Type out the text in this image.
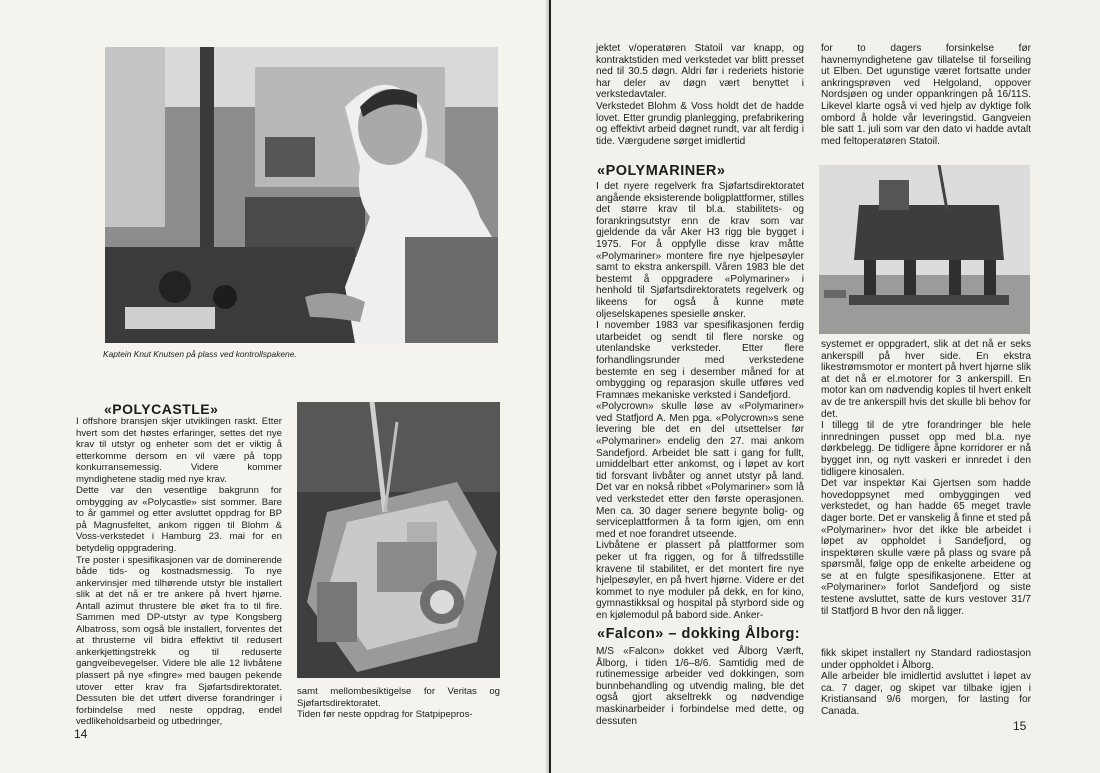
Kaptein Knut Knutsen på plass ved kontrollspakene.
«POLYCASTLE»
I offshore bransjen skjer utviklingen raskt. Etter hvert som det høstes erfaringer, settes det nye krav til utstyr og enheter som det er viktig å etterkomme dersom en vil være på topp konkurransemessig. Videre kommer myndighetene stadig med nye krav.
Dette var den vesentlige bakgrunn for ombygging av «Polycastle» sist sommer. Bare to år gammel og etter avsluttet oppdrag for BP på Magnusfeltet, ankom riggen til Blohm & Voss-verkstedet i Hamburg 23. mai for en betydelig oppgradering.
Tre poster i spesifikasjonen var de dominerende både tids- og kostnadsmessig. To nye ankervinsjer med tilhørende utstyr ble installert slik at det nå er tre ankere på hvert hjørne. Antall azimut thrustere ble øket fra to til fire. Sammen med DP-utstyr av type Kongsberg Albatross, som også ble installert, forventes det at thrusterne vil bidra effektivt til redusert ankerkjettingstrekk og til reduserte gangveibevegelser. Videre ble alle 12 livbåtene plassert på nye «fingre» med baugen pekende utover etter krav fra Sjøfartsdirektoratet. Dessuten ble det utført diverse forandringer i forbindelse med neste oppdrag, endel vedlikeholdsarbeid og utbedringer,
samt mellombesiktigelse for Veritas og Sjøfartsdirektoratet.
Tiden før neste oppdrag for Statpipepros-
14
jektet v/operatøren Statoil var knapp, og kontraktstiden med verkstedet var blitt presset ned til 30.5 døgn. Aldri før i rederiets historie har deler av døgn vært benyttet i verkstedavtaler.
Verkstedet Blohm & Voss holdt det de hadde lovet. Etter grundig planlegging, prefabrikering og effektivt arbeid døgnet rundt, var alt ferdig i tide. Værgudene sørget imidlertid
for to dagers forsinkelse før havnemyndighetene gav tillatelse til forseiling ut Elben. Det ugunstige været fortsatte under ankringsprøven ved Helgoland, oppover Nordsjøen og under oppankringen på 16/11S. Likevel klarte også vi ved hjelp av dyktige folk ombord å holde vår leveringstid. Gangveien ble satt 1. juli som var den dato vi hadde avtalt med feltoperatøren Statoil.
«POLYMARINER»
I det nyere regelverk fra Sjøfartsdirektoratet angående eksisterende boligplattformer, stilles det større krav til bl.a. stabilitets- og forankringsutstyr enn de krav som var gjeldende da vår Aker H3 rigg ble bygget i 1975. For å oppfylle disse krav måtte «Polymariner» montere fire nye hjelpesøyler samt to ekstra ankerspill. Våren 1983 ble det bestemt å oppgradere «Polymariner» i henhold til Sjøfartsdirektoratets regelverk og likeens for også å kunne møte oljeselskapenes spesielle ønsker.
I november 1983 var spesifikasjonen ferdig utarbeidet og sendt til flere norske og utenlandske verksteder. Etter flere forhandlingsrunder med verkstedene bestemte en seg i desember måned for at ombygging og reparasjon skulle utføres ved Framnæs mekaniske verksted i Sandefjord.
«Polycrown» skulle løse av «Polymariner» ved Statfjord A. Men pga. «Polycrown»s sene levering ble det en del utsettelser før «Polymariner» endelig den 27. mai ankom Sandefjord. Arbeidet ble satt i gang for fullt, umiddelbart etter ankomst, og i løpet av kort tid forsvant livbåter og annet utstyr på land. Det var en nokså ribbet «Polymariner» som lå ved verkstedet etter den første operasjonen. Men ca. 30 dager senere begynte bolig- og serviceplattformen å ta form igjen, om enn med et noe forandret utseende.
Livbåtene er plassert på plattformer som peker ut fra riggen, og for å tilfredsstille kravene til stabilitet, er det montert fire nye hjelpesøyler, en på hvert hjørne. Videre er det kommet to nye moduler på dekk, en for kino, gymnastikksal og hospital på styrbord side og en kjølemodul på babord side. Anker-
systemet er oppgradert, slik at det nå er seks ankerspill på hver side. En ekstra likestrømsmotor er montert på hvert hjørne slik at det nå er el.motorer for 3 ankerspill. En motor kan om nødvendig koples til hvert enkelt av de tre ankerspill hvis det skulle bli behov for det.
I tillegg til de ytre forandringer ble hele innredningen pusset opp med bl.a. nye dørkbelegg. De tidligere åpne korridorer er nå bygget inn, og nytt vaskeri er innredet i den tidligere kinosalen.
Det var inspektør Kai Gjertsen som hadde hovedoppsynet med ombyggingen ved verkstedet, og han hadde 65 meget travle dager borte. Det er vanskelig å finne et sted på «Polymariner» hvor det ikke ble arbeidet i løpet av oppholdet i Sandefjord, og inspektøren skulle være på plass og svare på spørsmål, følge opp de enkelte arbeidene og se at en fulgte spesifikasjonene. Etter at «Polymariner» forlot Sandefjord og siste testene avsluttet, satte de kurs vestover 31/7 til Statfjord B hvor den nå ligger.
«Falcon» – dokking Ålborg:
M/S «Falcon» dokket ved Ålborg Værft, Ålborg, i tiden 1/6–8/6. Samtidig med de rutinemessige arbeider ved dokkingen, som bunnbehandling og utvendig maling, ble det også gjort akseltrekk og nødvendige maskinarbeider i forbindelse med dette, og dessuten
fikk skipet installert ny Standard radiostasjon under oppholdet i Ålborg.
Alle arbeider ble imidlertid avsluttet i løpet av ca. 7 dager, og skipet var tilbake igjen i Kristiansand 9/6 morgen, for lasting for Canada.
15
